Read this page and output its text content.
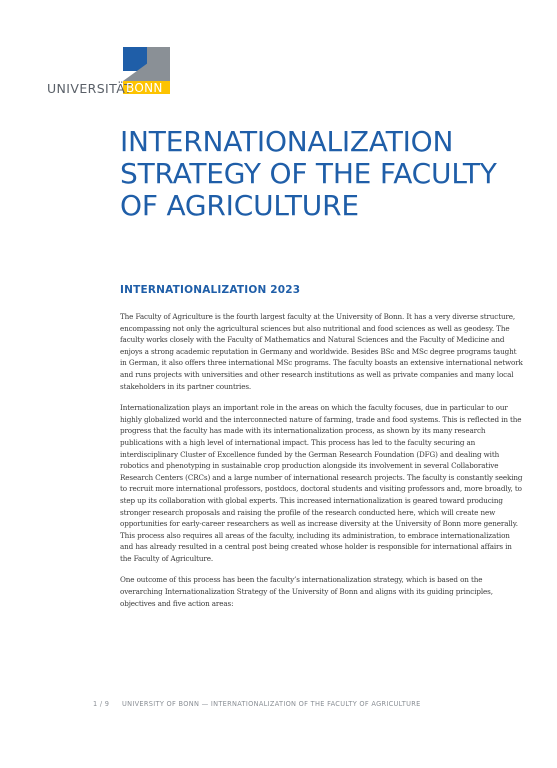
UNIVERSITÄT
BONN
INTERNATIONALIZATION STRATEGY OF THE FACULTY OF AGRICULTURE
INTERNATIONALIZATION 2023

The Faculty of Agriculture is the fourth largest faculty at the University of Bonn. It has a very diverse structure, encompassing not only the agricultural sciences but also nutritional and food sciences as well as geodesy. The faculty works closely with the Faculty of Mathematics and Natural Sciences and the Faculty of Medicine and enjoys a strong academic reputation in Germany and worldwide. Besides BSc and MSc degree programs taught in German, it also offers three international MSc programs. The faculty boasts an extensive international network and runs projects with universities and other research institutions as well as private companies and many local stakeholders in its partner countries.

Internationalization plays an important role in the areas on which the faculty focuses, due in particular to our highly globalized world and the interconnected nature of farming, trade and food systems. This is reflected in the progress that the faculty has made with its internationalization process, as shown by its many research publications with a high level of international impact. This process has led to the faculty securing an interdisciplinary Cluster of Excellence funded by the German Research Foundation (DFG) and dealing with robotics and phenotyping in sustainable crop production alongside its involvement in several Collaborative Research Centers (CRCs) and a large number of international research projects. The faculty is constantly seeking to recruit more international professors, postdocs, doctoral students and visiting professors and, more broadly, to step up its collaboration with global experts. This increased internationalization is geared toward producing stronger research proposals and raising the profile of the research conducted here, which will create new opportunities for early-career researchers as well as increase diversity at the University of Bonn more generally. This process also requires all areas of the faculty, including its administration, to embrace internationalization and has already resulted in a central post being created whose holder is responsible for international affairs in the Faculty of Agriculture.

One outcome of this process has been the faculty’s internationalization strategy, which is based on the overarching Internationalization Strategy of the University of Bonn and aligns with its guiding principles, objectives and five action areas:

1 / 9 UNIVERSITY OF BONN — INTERNATIONALIZATION OF THE FACULTY OF AGRICULTURE
